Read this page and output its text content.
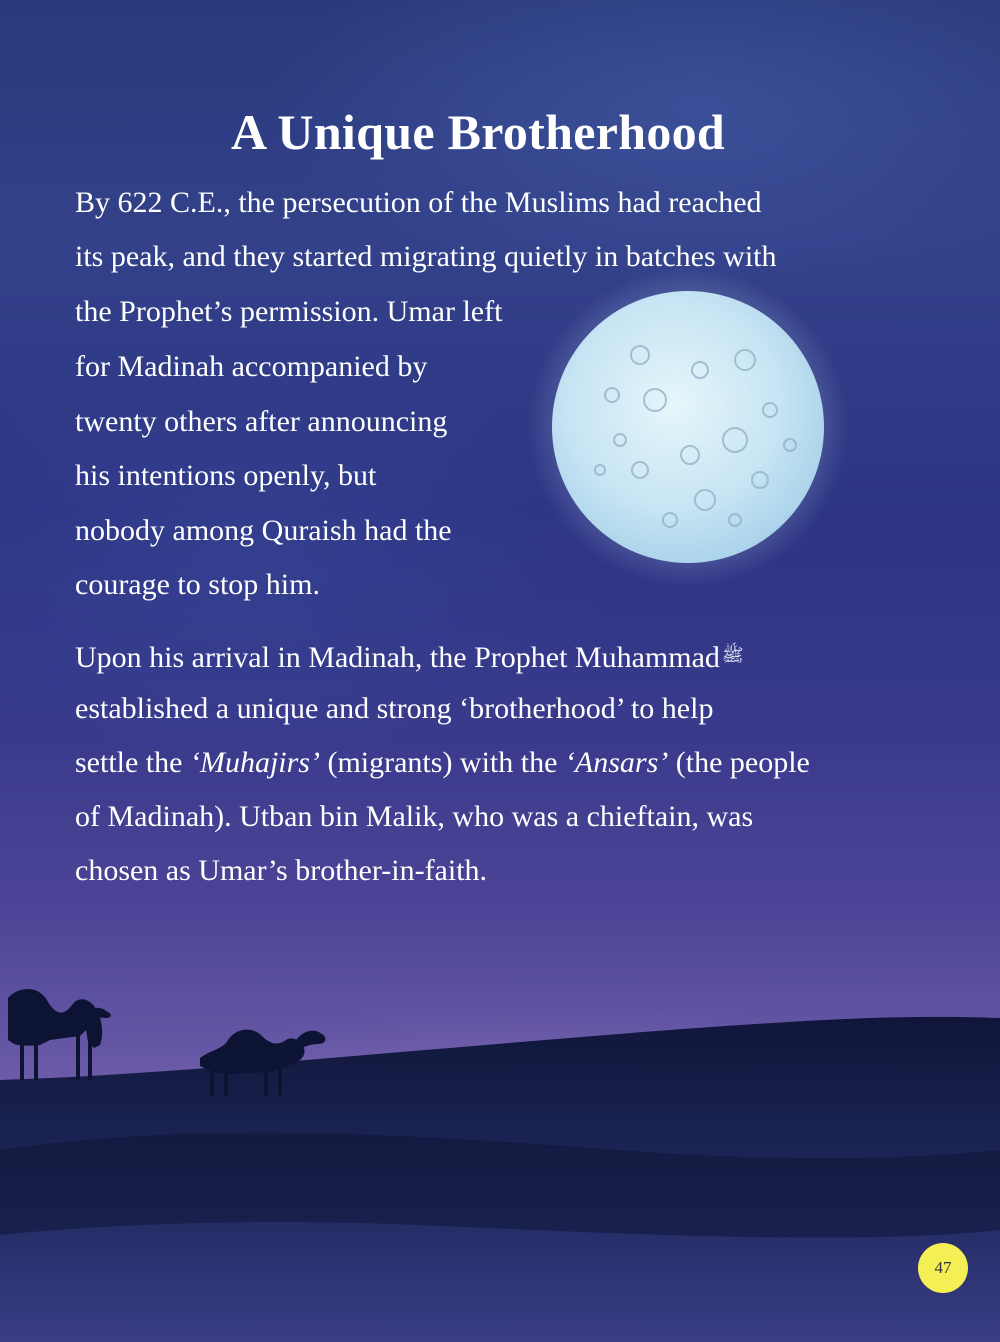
A Unique Brotherhood

By 622 C.E., the persecution of the Muslims had reached

its peak, and they started migrating quietly in batches with

the Prophet’s permission. Umar left

for Madinah accompanied by

twenty others after announcing

his intentions openly, but

nobody among Quraish had the

courage to stop him.

Upon his arrival in Madinah, the Prophet Muhammad $^ﷺ$

established a unique and strong ‘brotherhood’ to help

settle the ‘Muhajirs’ (migrants) with the ‘Ansars’ (the people

of Madinah). Utban bin Malik, who was a chieftain, was

chosen as Umar’s brother-in-faith.

47
